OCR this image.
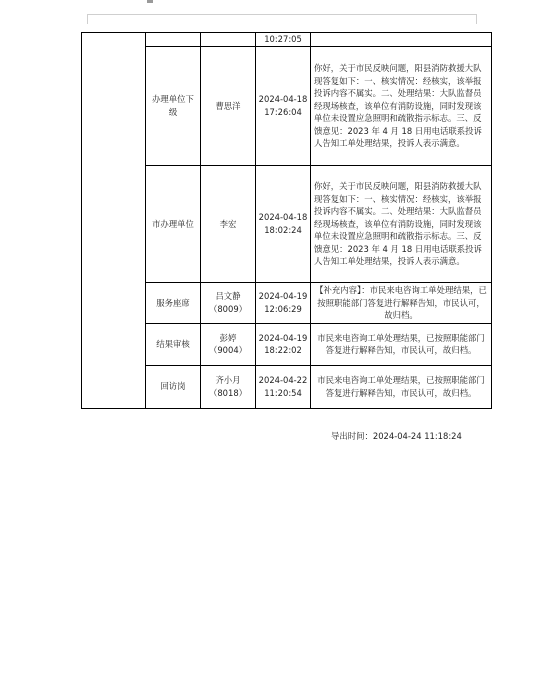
			10:27:05	
	办理单位下级	曹思洋	2024-04-18 17:26:04	你好，关于市民反映问题，阳县消防救援大队现答复如下：一、核实情况：经核实，该举报投诉内容不属实。二、处理结果：大队监督员经现场核查，该单位有消防设施，同时发现该单位未设置应急照明和疏散指示标志。三、反馈意见：2023 年 4 月 18 日用电话联系投诉人告知工单处理结果，投诉人表示满意。
	市办理单位	李宏	2024-04-18 18:02:24	你好，关于市民反映问题，阳县消防救援大队现答复如下：一、核实情况：经核实，该举报投诉内容不属实。二、处理结果：大队监督员经现场核查，该单位有消防设施，同时发现该单位未设置应急照明和疏散指示标志。三、反馈意见：2023 年 4 月 18 日用电话联系投诉人告知工单处理结果，投诉人表示满意。
	服务座席	吕文静（8009）	2024-04-19 12:06:29	【补充内容】：市民来电咨询工单处理结果，已按照职能部门答复进行解释告知，市民认可，故归档。
	结果审核	彭婷（9004）	2024-04-19 18:22:02	市民来电咨询工单处理结果，已按照职能部门答复进行解释告知，市民认可，故归档。
	回访岗	齐小月（8018）	2024-04-22 11:20:54	市民来电咨询工单处理结果，已按照职能部门答复进行解释告知，市民认可，故归档。
导出时间：2024-04-24 11:18:24
